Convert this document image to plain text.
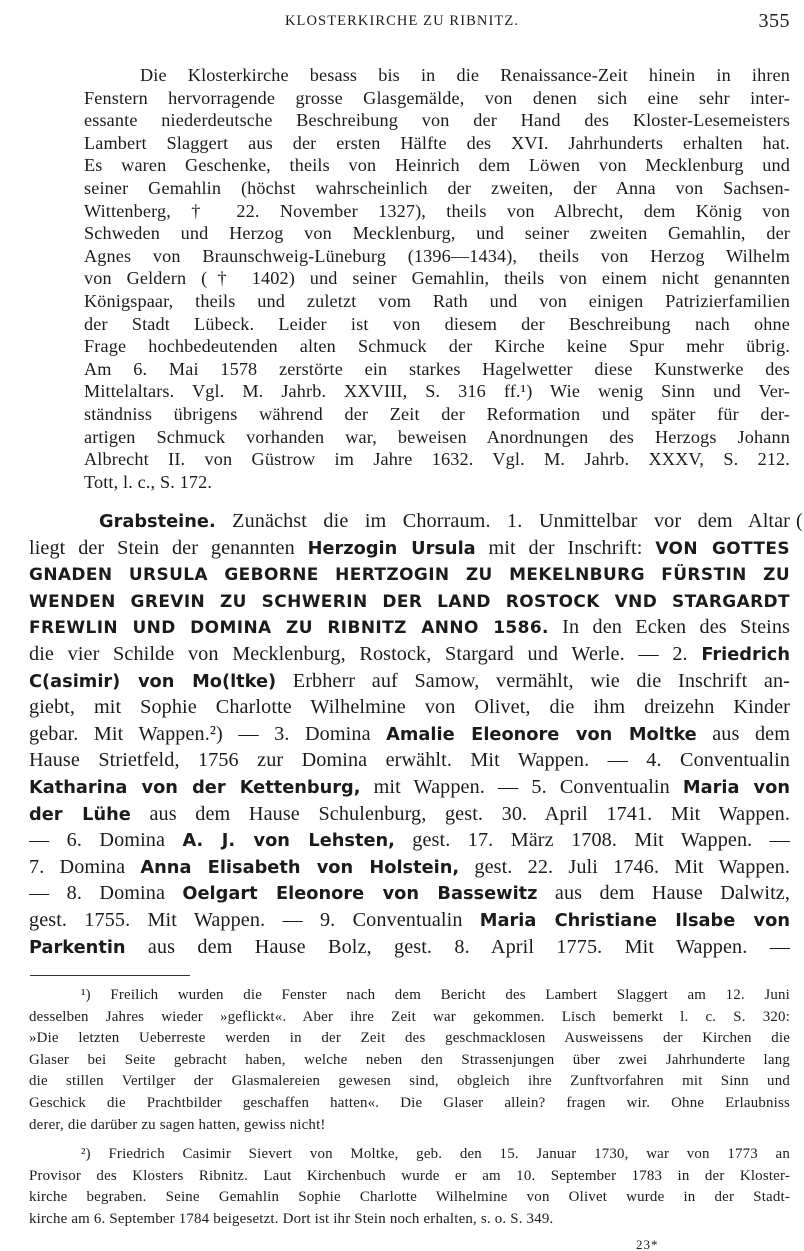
KLOSTERKIRCHE ZU RIBNITZ.	355
Die Klosterkirche besass bis in die Renaissance-Zeit hinein in ihren
Fenstern hervorragende grosse Glasgemälde, von denen sich eine sehr inter-
essante niederdeutsche Beschreibung von der Hand des Kloster-Lesemeisters
Lambert Slaggert aus der ersten Hälfte des XVI. Jahrhunderts erhalten hat.
Es waren Geschenke, theils von Heinrich dem Löwen von Mecklenburg und
seiner Gemahlin (höchst wahrscheinlich der zweiten, der Anna von Sachsen-
Wittenberg, † 22. November 1327), theils von Albrecht, dem König von
Schweden und Herzog von Mecklenburg, und seiner zweiten Gemahlin, der
Agnes von Braunschweig-Lüneburg (1396—1434), theils von Herzog Wilhelm
von Geldern († 1402) und seiner Gemahlin, theils von einem nicht genannten
Königspaar, theils und zuletzt vom Rath und von einigen Patrizierfamilien
der Stadt Lübeck. Leider ist von diesem der Beschreibung nach ohne
Frage hochbedeutenden alten Schmuck der Kirche keine Spur mehr übrig.
Am 6. Mai 1578 zerstörte ein starkes Hagelwetter diese Kunstwerke des
Mittelaltars. Vgl. M. Jahrb. XXVIII, S. 316 ff.¹) Wie wenig Sinn und Ver-
ständniss übrigens während der Zeit der Reformation und später für der-
artigen Schmuck vorhanden war, beweisen Anordnungen des Herzogs Johann
Albrecht II. von Güstrow im Jahre 1632. Vgl. M. Jahrb. XXXV, S. 212.
Tott, l. c., S. 172.
Grabsteine. Zunächst die im Chorraum. 1. Unmittelbar vor dem Altar
liegt der Stein der genannten Herzogin Ursula mit der Inschrift: VON GOTTES
GNADEN URSULA GEBORNE HERTZOGIN ZU MEKELNBURG FÜRSTIN ZU
WENDEN GREVIN ZU SCHWERIN DER LAND ROSTOCK VND STARGARDT
FREWLIN UND DOMINA ZU RIBNITZ ANNO 1586. In den Ecken des Steins
die vier Schilde von Mecklenburg, Rostock, Stargard und Werle. — 2. Friedrich
C(asimir) von Mo(ltke) Erbherr auf Samow, vermählt, wie die Inschrift an-
giebt, mit Sophie Charlotte Wilhelmine von Olivet, die ihm dreizehn Kinder
gebar. Mit Wappen.²) — 3. Domina Amalie Eleonore von Moltke aus dem
Hause Strietfeld, 1756 zur Domina erwählt. Mit Wappen. — 4. Conventualin
Katharina von der Kettenburg, mit Wappen. — 5. Conventualin Maria von
der Lühe aus dem Hause Schulenburg, gest. 30. April 1741. Mit Wappen.
— 6. Domina A. J. von Lehsten, gest. 17. März 1708. Mit Wappen. —
7. Domina Anna Elisabeth von Holstein, gest. 22. Juli 1746. Mit Wappen.
— 8. Domina Oelgart Eleonore von Bassewitz aus dem Hause Dalwitz,
gest. 1755. Mit Wappen. — 9. Conventualin Maria Christiane Ilsabe von
Parkentin aus dem Hause Bolz, gest. 8. April 1775. Mit Wappen. —
(
¹) Freilich wurden die Fenster nach dem Bericht des Lambert Slaggert am 12. Juni
desselben Jahres wieder »geflickt«. Aber ihre Zeit war gekommen. Lisch bemerkt l. c. S. 320:
»Die letzten Ueberreste werden in der Zeit des geschmacklosen Ausweissens der Kirchen die
Glaser bei Seite gebracht haben, welche neben den Strassenjungen über zwei Jahrhunderte lang
die stillen Vertilger der Glasmalereien gewesen sind, obgleich ihre Zunftvorfahren mit Sinn und
Geschick die Prachtbilder geschaffen hatten«. Die Glaser allein? fragen wir. Ohne Erlaubniss
derer, die darüber zu sagen hatten, gewiss nicht!
²) Friedrich Casimir Sievert von Moltke, geb. den 15. Januar 1730, war von 1773 an
Provisor des Klosters Ribnitz. Laut Kirchenbuch wurde er am 10. September 1783 in der Kloster-
kirche begraben. Seine Gemahlin Sophie Charlotte Wilhelmine von Olivet wurde in der Stadt-
kirche am 6. September 1784 beigesetzt. Dort ist ihr Stein noch erhalten, s. o. S. 349.
23*
